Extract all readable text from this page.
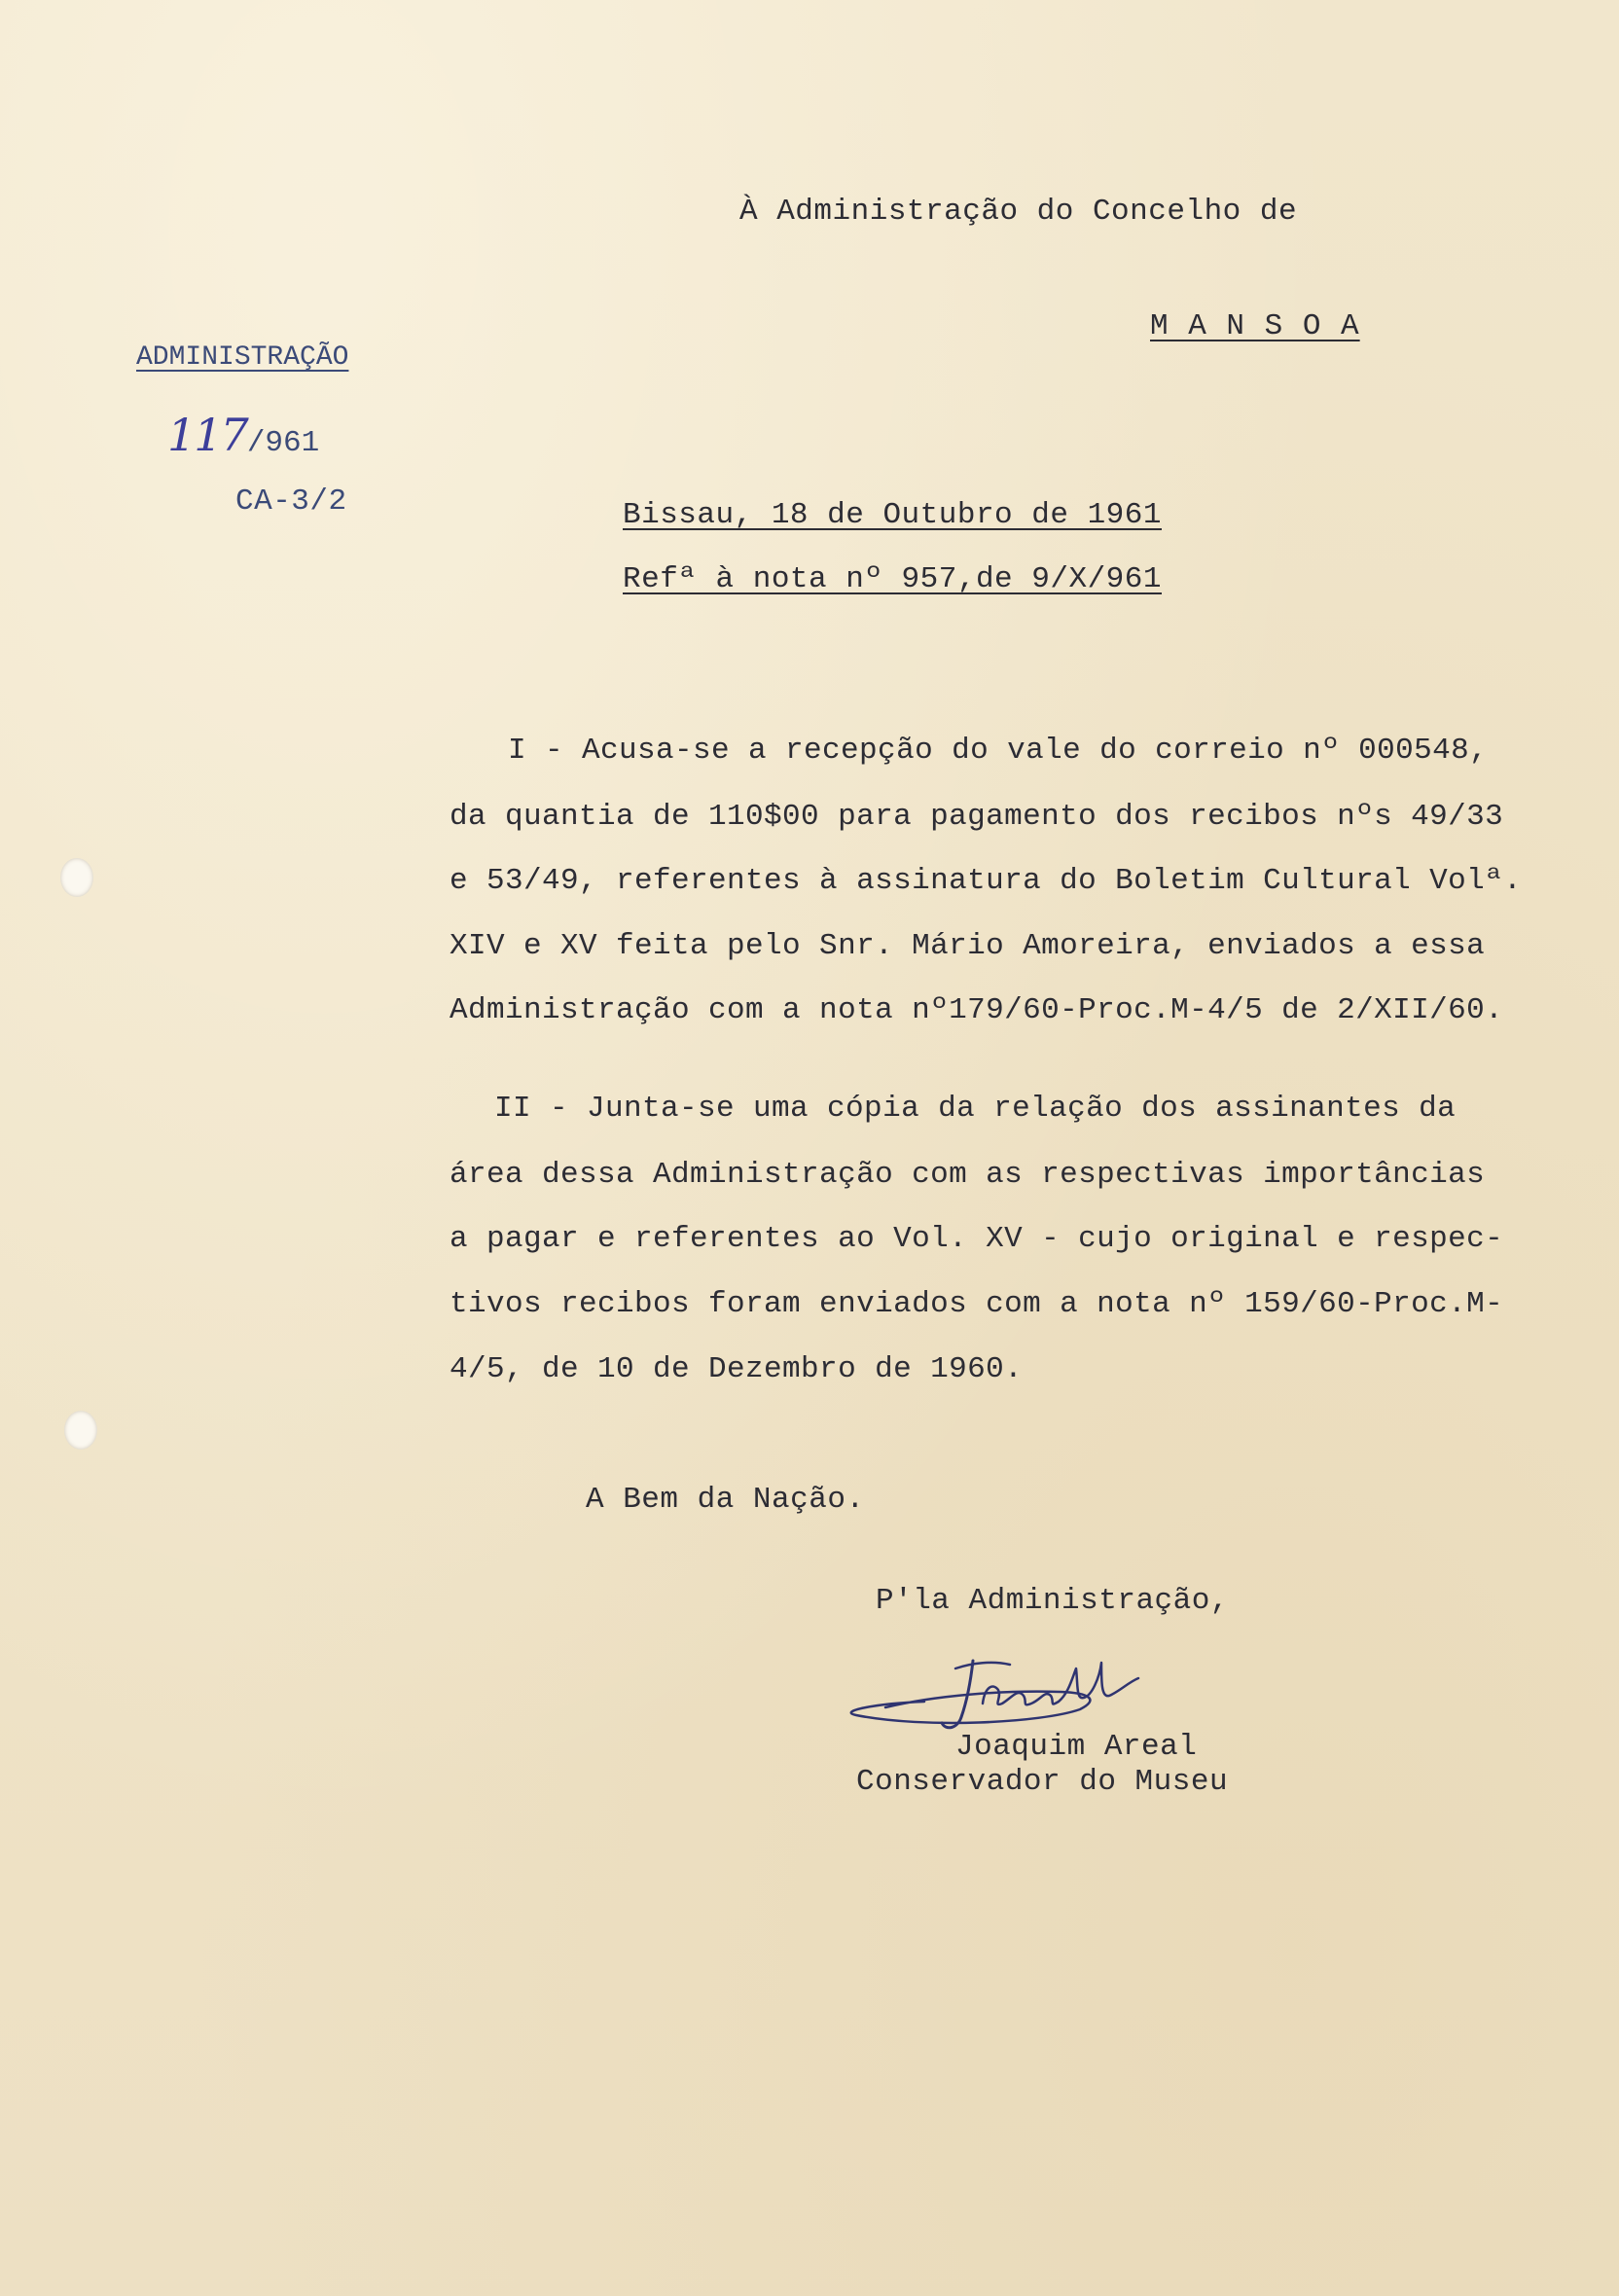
À Administração do Concelho de
M A N S O A
ADMINISTRAÇÃO
117/961
CA-3/2	Bissau, 18 de Outubro de 1961
Refª à nota nº 957,de 9/X/961
I - Acusa-se a recepção do vale do correio nº 000548,
da quantia de 110$00 para pagamento dos recibos nºs 49/33
e 53/49, referentes à assinatura do Boletim Cultural Volª.
XIV e XV feita pelo Snr. Mário Amoreira, enviados a essa
Administração com a nota nº179/60-Proc.M-4/5 de 2/XII/60.
II - Junta-se uma cópia da relação dos assinantes da
área dessa Administração com as respectivas importâncias
a pagar e referentes ao Vol. XV - cujo original e respec-
tivos recibos foram enviados com a nota nº 159/60-Proc.M-
4/5, de 10 de Dezembro de 1960.
A Bem da Nação.
P'la Administração,
Joaquim Areal
Conservador do Museu
